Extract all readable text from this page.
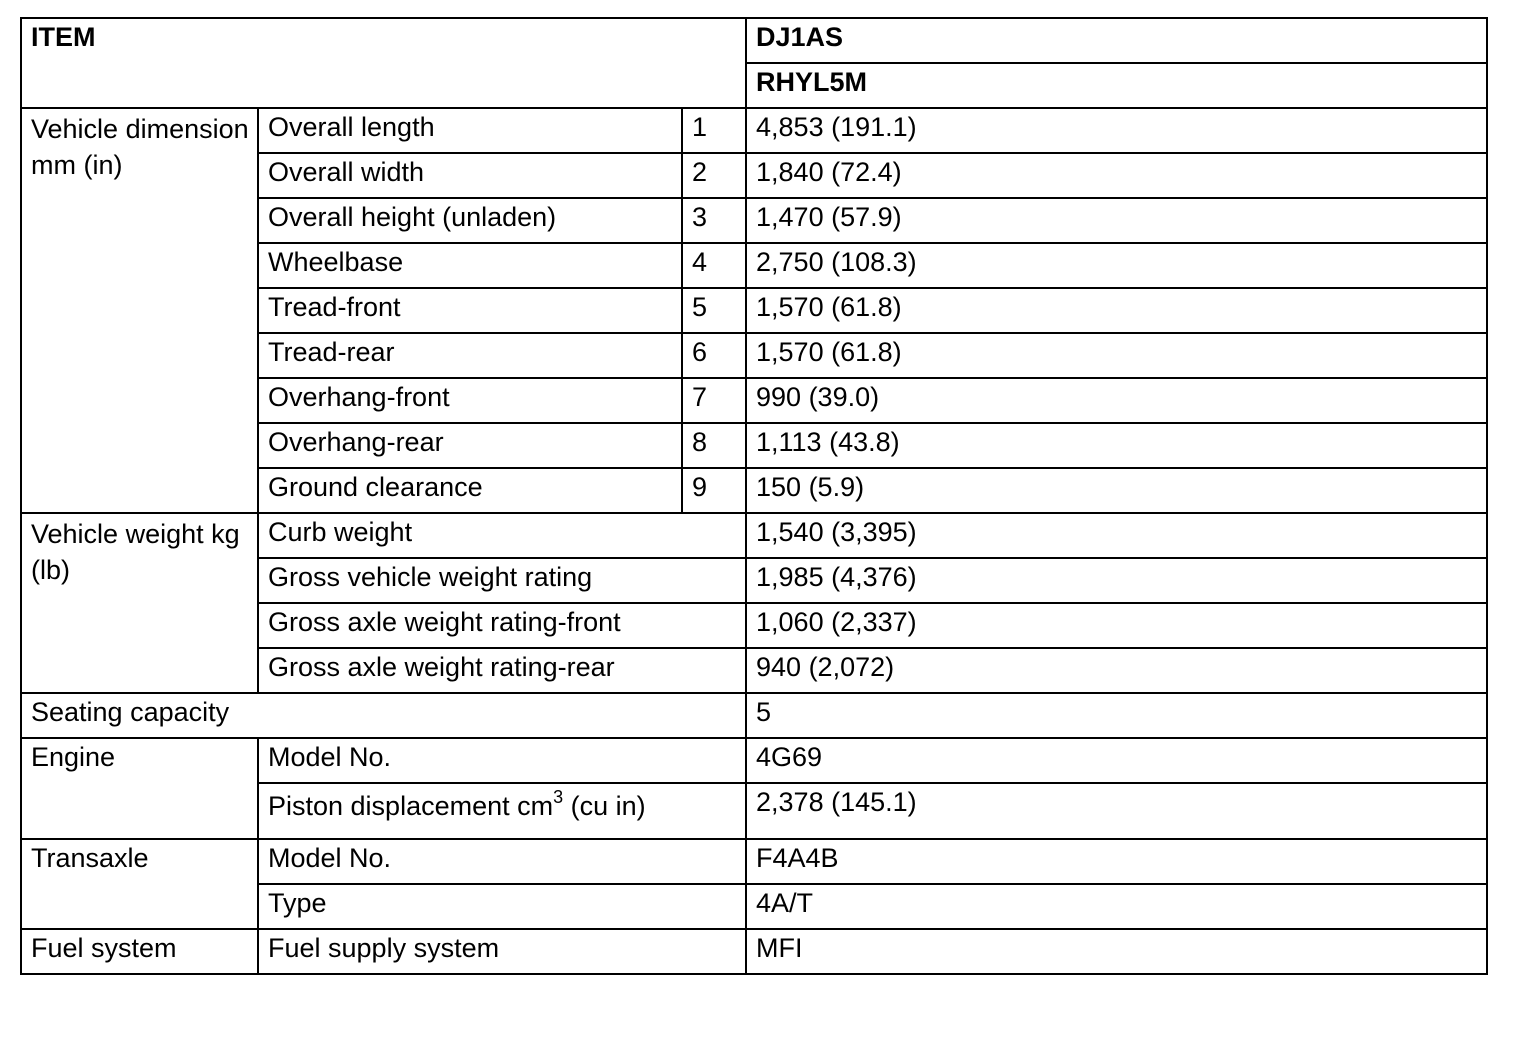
ITEM			DJ1AS
			RHYL5M
Vehicle dimension mm (in)	Overall length	1	4,853 (191.1)
	Overall width	2	1,840 (72.4)
	Overall height (unladen)	3	1,470 (57.9)
	Wheelbase	4	2,750 (108.3)
	Tread-front	5	1,570 (61.8)
	Tread-rear	6	1,570 (61.8)
	Overhang-front	7	990 (39.0)
	Overhang-rear	8	1,113 (43.8)
	Ground clearance	9	150 (5.9)
Vehicle weight kg (lb)	Curb weight		1,540 (3,395)
	Gross vehicle weight rating		1,985 (4,376)
	Gross axle weight rating-front		1,060 (2,337)
	Gross axle weight rating-rear		940 (2,072)
Seating capacity			5
Engine	Model No.		4G69
	Piston displacement $cm^3$ (cu in)		2,378 (145.1)
Transaxle	Model No.		F4A4B
	Type		4A/T
Fuel system	Fuel supply system		MFI
